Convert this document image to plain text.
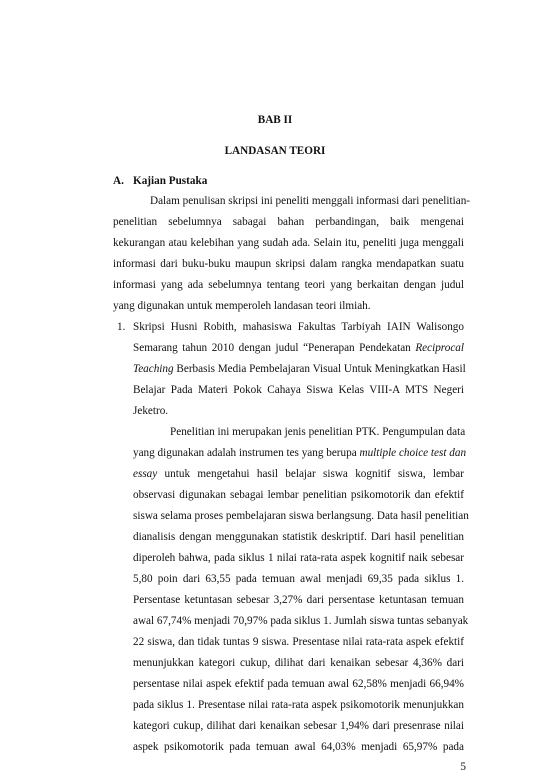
BAB II
LANDASAN TEORI
A. Kajian Pustaka
Dalam penulisan skripsi ini peneliti menggali informasi dari penelitian-
penelitian sebelumnya sabagai bahan perbandingan, baik mengenai
kekurangan atau kelebihan yang sudah ada. Selain itu, peneliti juga menggali
informasi dari buku-buku maupun skripsi dalam rangka mendapatkan suatu
informasi yang ada sebelumnya tentang teori yang berkaitan dengan judul
yang digunakan untuk memperoleh landasan teori ilmiah.
1. Skripsi Husni Robith, mahasiswa Fakultas Tarbiyah IAIN Walisongo
Semarang tahun 2010 dengan judul “Penerapan Pendekatan Reciprocal
Teaching Berbasis Media Pembelajaran Visual Untuk Meningkatkan Hasil
Belajar Pada Materi Pokok Cahaya Siswa Kelas VIII-A MTS Negeri
Jeketro.
Penelitian ini merupakan jenis penelitian PTK. Pengumpulan data
yang digunakan adalah instrumen tes yang berupa multiple choice test dan
essay untuk mengetahui hasil belajar siswa kognitif siswa, lembar
observasi digunakan sebagai lembar penelitian psikomotorik dan efektif
siswa selama proses pembelajaran siswa berlangsung. Data hasil penelitian
dianalisis dengan menggunakan statistik deskriptif. Dari hasil penelitian
diperoleh bahwa, pada siklus 1 nilai rata-rata aspek kognitif naik sebesar
5,80 poin dari 63,55 pada temuan awal menjadi 69,35 pada siklus 1.
Persentase ketuntasan sebesar 3,27% dari persentase ketuntasan temuan
awal 67,74% menjadi 70,97% pada siklus 1. Jumlah siswa tuntas sebanyak
22 siswa, dan tidak tuntas 9 siswa. Presentase nilai rata-rata aspek efektif
menunjukkan kategori cukup, dilihat dari kenaikan sebesar 4,36% dari
persentase nilai aspek efektif pada temuan awal 62,58% menjadi 66,94%
pada siklus 1. Presentase nilai rata-rata aspek psikomotorik menunjukkan
kategori cukup, dilihat dari kenaikan sebesar 1,94% dari presenrase nilai
aspek psikomotorik pada temuan awal 64,03% menjadi 65,97% pada
5
